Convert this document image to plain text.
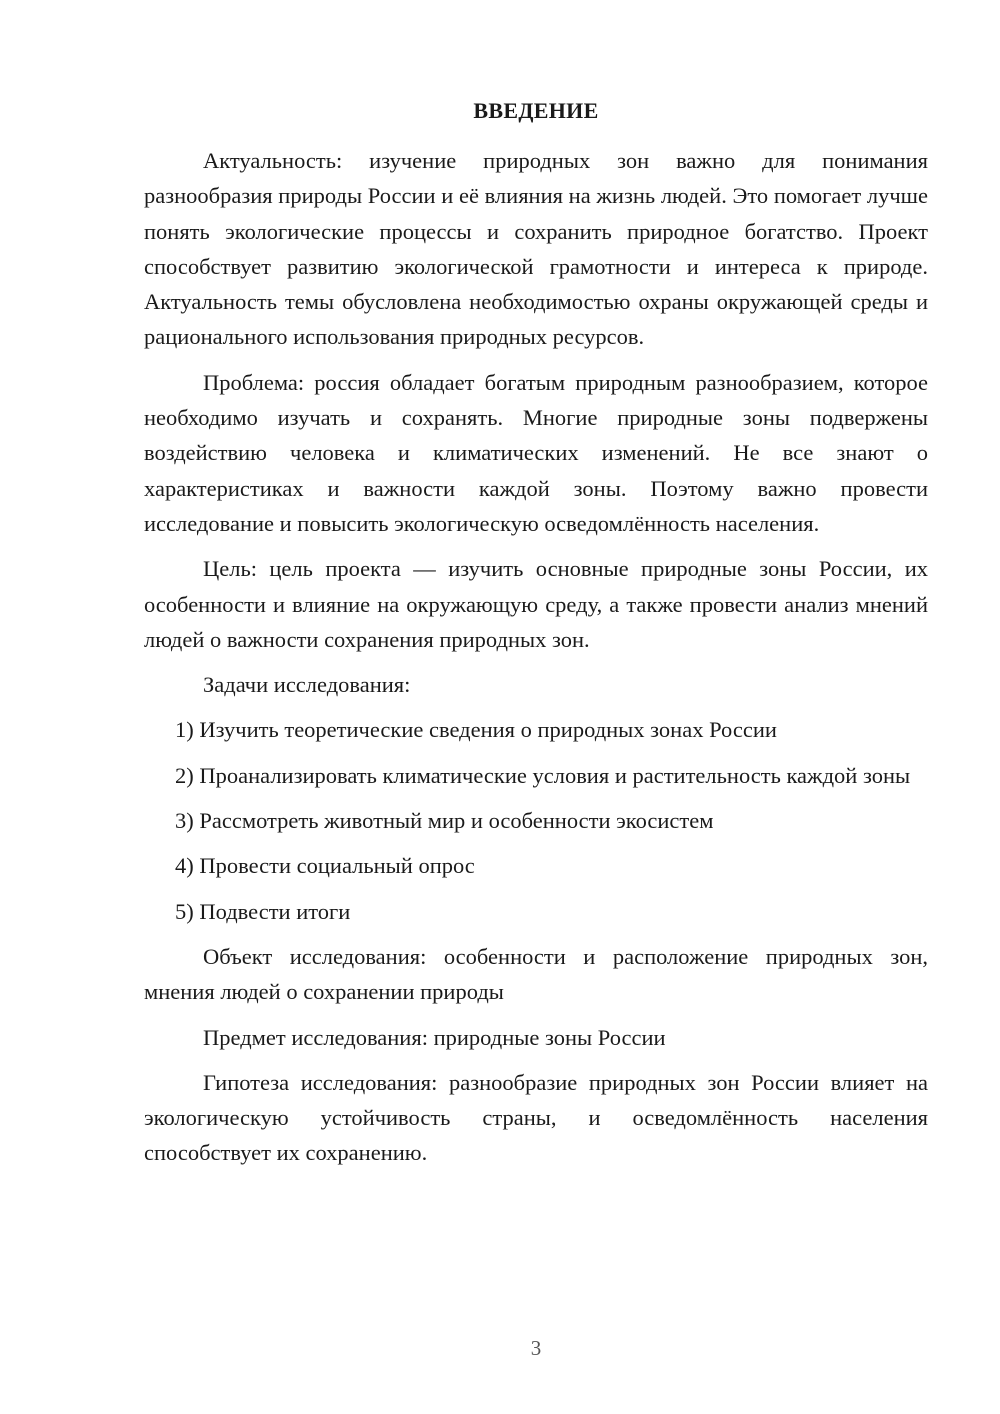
ВВЕДЕНИЕ

Актуальность: изучение природных зон важно для понимания разнообразия природы России и её влияния на жизнь людей. Это помогает лучше понять экологические процессы и сохранить природное богатство. Проект способствует развитию экологической грамотности и интереса к природе. Актуальность темы обусловлена необходимостью охраны окружающей среды и рационального использования природных ресурсов.

Проблема: россия обладает богатым природным разнообразием, которое необходимо изучать и сохранять. Многие природные зоны подвержены воздействию человека и климатических изменений. Не все знают о характеристиках и важности каждой зоны. Поэтому важно провести исследование и повысить экологическую осведомлённость населения.

Цель: цель проекта — изучить основные природные зоны России, их особенности и влияние на окружающую среду, а также провести анализ мнений людей о важности сохранения природных зон.

Задачи исследования:

1) Изучить теоретические сведения о природных зонах России

2) Проанализировать климатические условия и растительность каждой зоны

3) Рассмотреть животный мир и особенности экосистем

4) Провести социальный опрос

5) Подвести итоги

Объект исследования: особенности и расположение природных зон, мнения людей о сохранении природы

Предмет исследования: природные зоны России

Гипотеза исследования: разнообразие природных зон России влияет на экологическую устойчивость страны, и осведомлённость населения способствует их сохранению.

3
